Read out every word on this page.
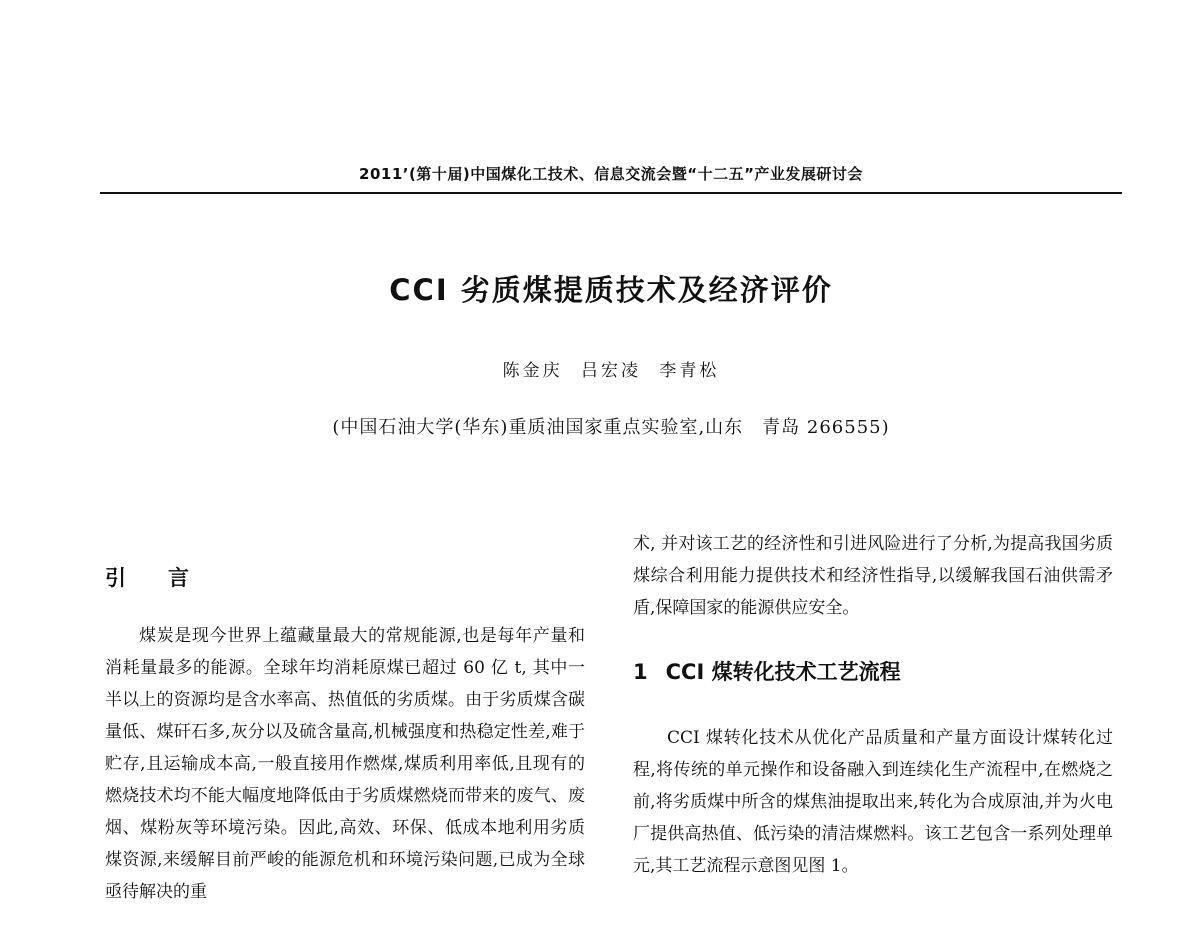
2011’(第十届)中国煤化工技术、信息交流会暨“十二五”产业发展研讨会
CCI 劣质煤提质技术及经济评价
陈金庆 吕宏凌 李青松
(中国石油大学(华东)重质油国家重点实验室,山东　青岛 266555)
引言

煤炭是现今世界上蕴藏量最大的常规能源,也是每年产量和消耗量最多的能源。全球年均消耗原煤已超过 60 亿 t, 其中一半以上的资源均是含水率高、热值低的劣质煤。由于劣质煤含碳量低、煤矸石多,灰分以及硫含量高,机械强度和热稳定性差,难于贮存,且运输成本高,一般直接用作燃煤,煤质利用率低,且现有的燃烧技术均不能大幅度地降低由于劣质煤燃烧而带来的废气、废烟、煤粉灰等环境污染。因此,高效、环保、低成本地利用劣质煤资源,来缓解目前严峻的能源危机和环境污染问题,已成为全球亟待解决的重

术, 并对该工艺的经济性和引进风险进行了分析,为提高我国劣质煤综合利用能力提供技术和经济性指导,以缓解我国石油供需矛盾,保障国家的能源供应安全。

1 CCI 煤转化技术工艺流程

CCI 煤转化技术从优化产品质量和产量方面设计煤转化过程,将传统的单元操作和设备融入到连续化生产流程中,在燃烧之前,将劣质煤中所含的煤焦油提取出来,转化为合成原油,并为火电厂提供高热值、低污染的清洁煤燃料。该工艺包含一系列处理单元,其工艺流程示意图见图 1。
